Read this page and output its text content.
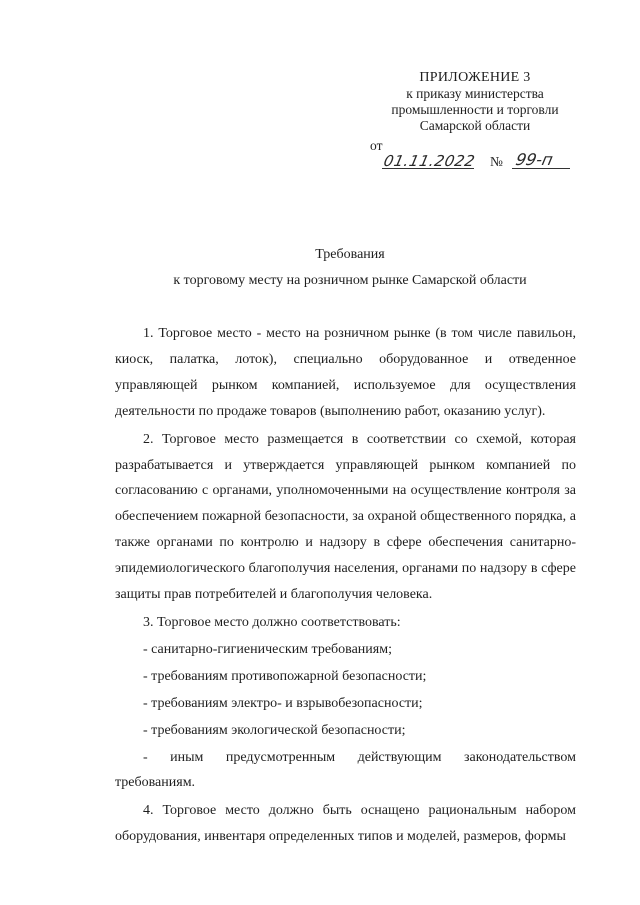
ПРИЛОЖЕНИЕ 3
к приказу министерства
промышленности и торговли
Самарской области
от
01.11.2022 № 99-п
Требования
к торговому месту на розничном рынке Самарской области

1. Торговое место - место на розничном рынке (в том числе павильон, киоск, палатка, лоток), специально оборудованное и отведенное управляющей рынком компанией, используемое для осуществления деятельности по продаже товаров (выполнению работ, оказанию услуг).

2. Торговое место размещается в соответствии со схемой, которая разрабатывается и утверждается управляющей рынком компанией по согласованию с органами, уполномоченными на осуществление контроля за обеспечением пожарной безопасности, за охраной общественного порядка, а также органами по контролю и надзору в сфере обеспечения санитарно-эпидемиологического благополучия населения, органами по надзору в сфере защиты прав потребителей и благополучия человека.

3. Торговое место должно соответствовать:

- санитарно-гигиеническим требованиям;

- требованиям противопожарной безопасности;

- требованиям электро- и взрывобезопасности;

- требованиям экологической безопасности;

- иным предусмотренным действующим законодательством требованиям.

4. Торговое место должно быть оснащено рациональным набором оборудования, инвентаря определенных типов и моделей, размеров, формы
